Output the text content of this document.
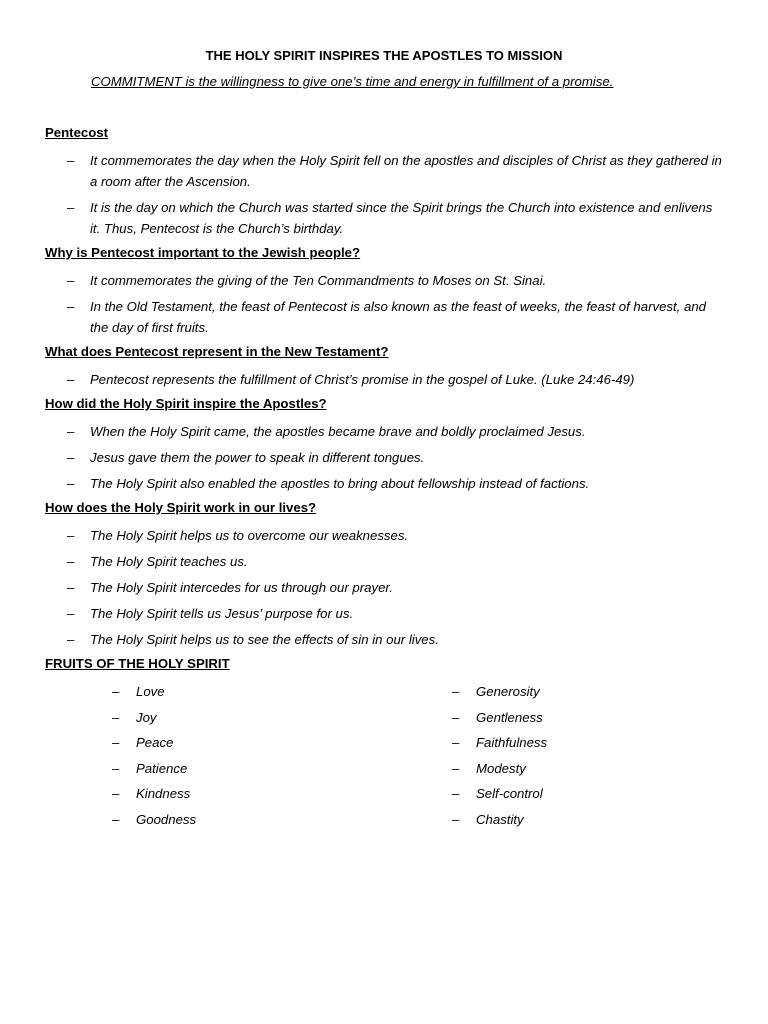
THE HOLY SPIRIT INSPIRES THE APOSTLES TO MISSION
COMMITMENT is the willingness to give one’s time and energy in fulfillment of a promise.
Pentecost
– It commemorates the day when the Holy Spirit fell on the apostles and disciples of Christ as they gathered in a room after the Ascension.
– It is the day on which the Church was started since the Spirit brings the Church into existence and enlivens it. Thus, Pentecost is the Church’s birthday.
Why is Pentecost important to the Jewish people?
– It commemorates the giving of the Ten Commandments to Moses on St. Sinai.
– In the Old Testament, the feast of Pentecost is also known as the feast of weeks, the feast of harvest, and the day of first fruits.
What does Pentecost represent in the New Testament?
– Pentecost represents the fulfillment of Christ’s promise in the gospel of Luke. (Luke 24:46-49)
How did the Holy Spirit inspire the Apostles?
– When the Holy Spirit came, the apostles became brave and boldly proclaimed Jesus.
– Jesus gave them the power to speak in different tongues.
– The Holy Spirit also enabled the apostles to bring about fellowship instead of factions.
How does the Holy Spirit work in our lives?
– The Holy Spirit helps us to overcome our weaknesses.
– The Holy Spirit teaches us.
– The Holy Spirit intercedes for us through our prayer.
– The Holy Spirit tells us Jesus’ purpose for us.
– The Holy Spirit helps us to see the effects of sin in our lives.
FRUITS OF THE HOLY SPIRIT
– Love
– Joy
– Peace
– Patience
– Kindness
– Goodness
– Generosity
– Gentleness
– Faithfulness
– Modesty
– Self-control
– Chastity
